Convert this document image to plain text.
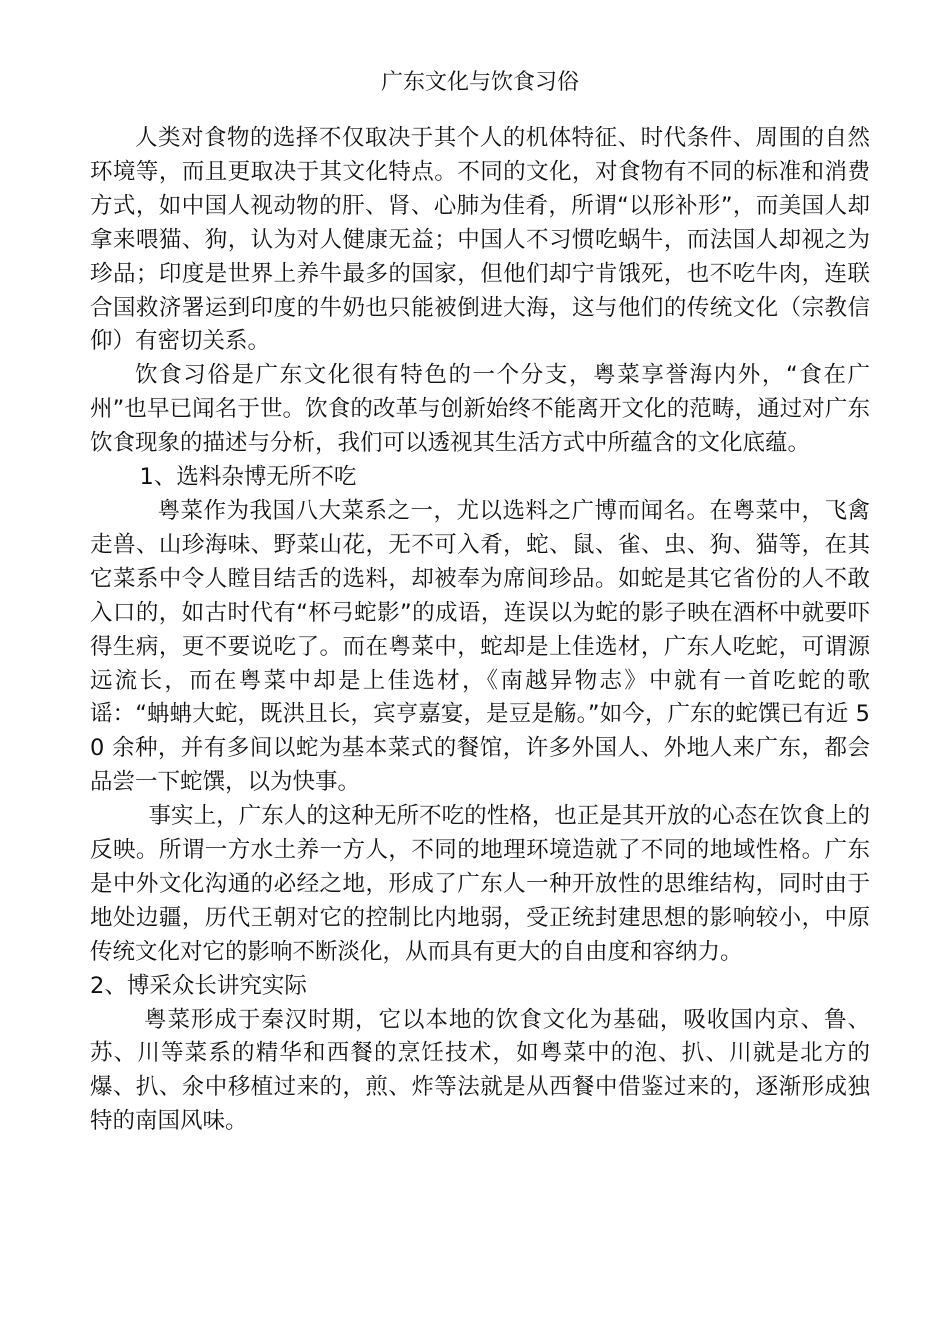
广东文化与饮食习俗

人类对食物的选择不仅取决于其个人的机体特征、时代条件、周围的自然环境等，而且更取决于其文化特点。不同的文化，对食物有不同的标准和消费方式，如中国人视动物的肝、肾、心肺为佳肴，所谓“以形补形”，而美国人却拿来喂猫、狗，认为对人健康无益；中国人不习惯吃蜗牛，而法国人却视之为珍品；印度是世界上养牛最多的国家，但他们却宁肯饿死，也不吃牛肉，连联合国救济署运到印度的牛奶也只能被倒进大海，这与他们的传统文化（宗教信仰）有密切关系。

饮食习俗是广东文化很有特色的一个分支，粤菜享誉海内外，“食在广州”也早已闻名于世。饮食的改革与创新始终不能离开文化的范畴，通过对广东饮食现象的描述与分析，我们可以透视其生活方式中所蕴含的文化底蕴。

1、选料杂博无所不吃

粤菜作为我国八大菜系之一，尤以选料之广博而闻名。在粤菜中，飞禽走兽、山珍海味、野菜山花，无不可入肴，蛇、鼠、雀、虫、狗、猫等，在其它菜系中令人瞠目结舌的选料，却被奉为席间珍品。如蛇是其它省份的人不敢入口的，如古时代有“杯弓蛇影”的成语，连误以为蛇的影子映在酒杯中就要吓得生病，更不要说吃了。而在粤菜中，蛇却是上佳选材，广东人吃蛇，可谓源远流长，而在粤菜中却是上佳选材，《南越异物志》中就有一首吃蛇的歌谣：“蚺蚺大蛇，既洪且长，宾亨嘉宴，是豆是觞。”如今，广东的蛇馔已有近 50 余种，并有多间以蛇为基本菜式的餐馆，许多外国人、外地人来广东，都会品尝一下蛇馔，以为快事。

事实上，广东人的这种无所不吃的性格，也正是其开放的心态在饮食上的反映。所谓一方水土养一方人，不同的地理环境造就了不同的地域性格。广东是中外文化沟通的必经之地，形成了广东人一种开放性的思维结构，同时由于地处边疆，历代王朝对它的控制比内地弱，受正统封建思想的影响较小，中原传统文化对它的影响不断淡化，从而具有更大的自由度和容纳力。

2、博采众长讲究实际

粤菜形成于秦汉时期，它以本地的饮食文化为基础，吸收国内京、鲁、苏、川等菜系的精华和西餐的烹饪技术，如粤菜中的泡、扒、川就是北方的爆、扒、氽中移植过来的，煎、炸等法就是从西餐中借鉴过来的，逐渐形成独特的南国风味。
